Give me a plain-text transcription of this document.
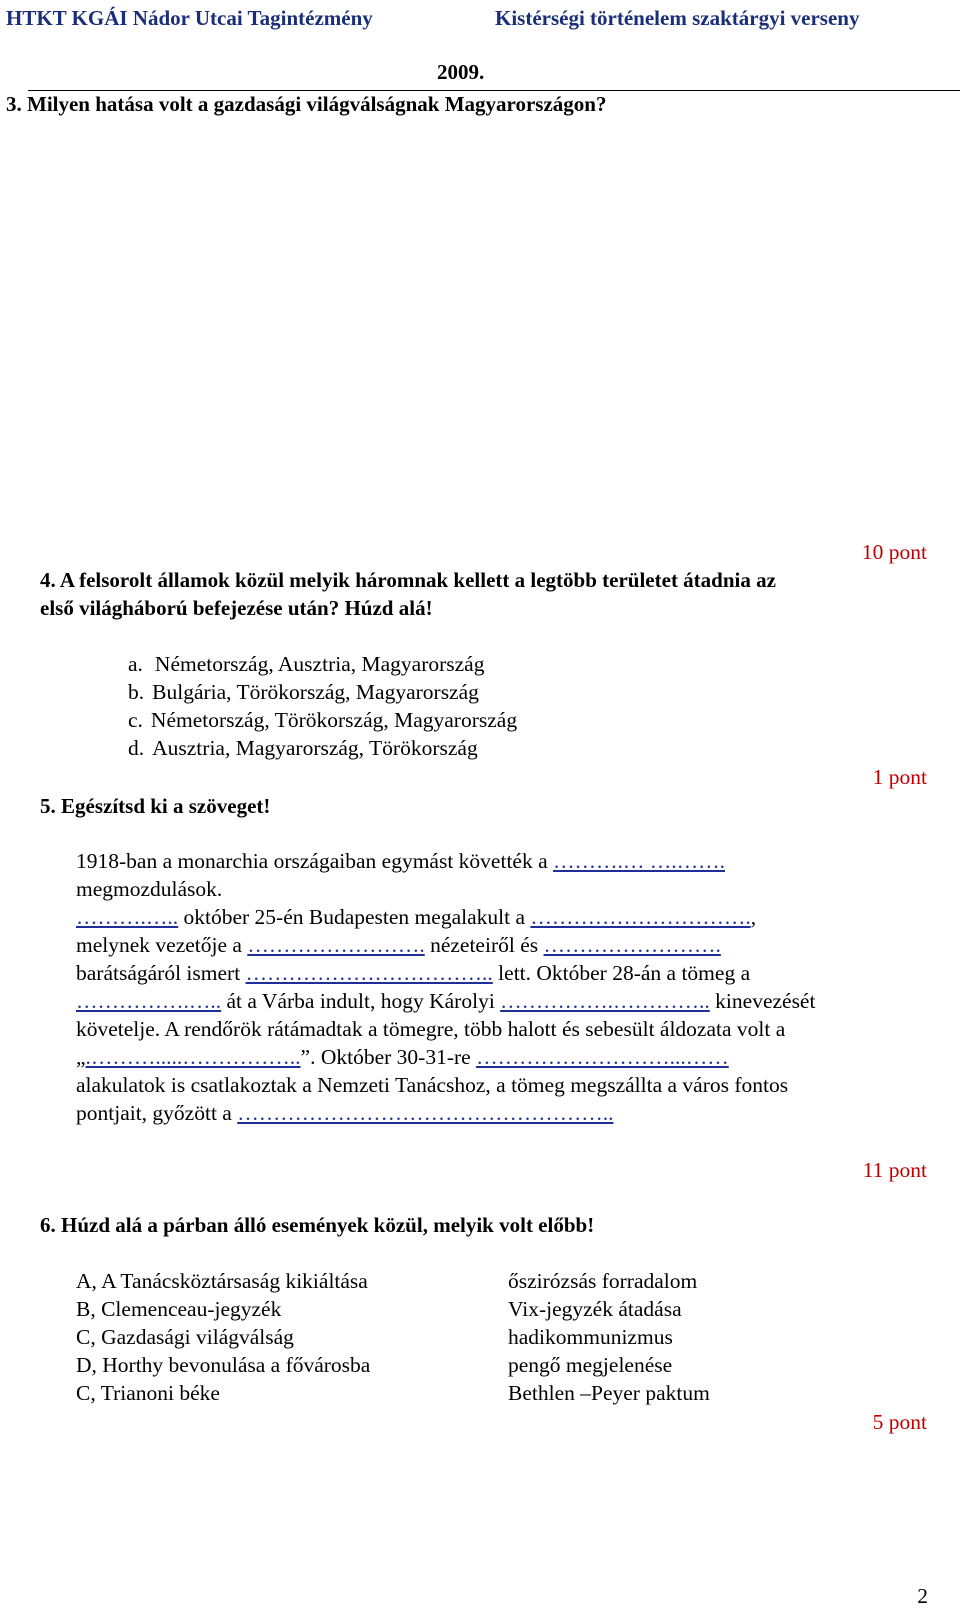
HTKT KGÁI Nádor Utcai Tagintézmény	Kistérségi történelem szaktárgyi verseny
2009.
3. Milyen hatása volt a gazdasági világválságnak Magyarországon?
10 pont
4. A felsorolt államok közül melyik háromnak kellett a legtöbb területet átadnia az
első világháború befejezése után? Húzd alá!
a. Németország, Ausztria, Magyarország
b. Bulgária, Törökország, Magyarország
c. Németország, Törökország, Magyarország
d. Ausztria, Magyarország, Törökország
1 pont
5. Egészítsd ki a szöveget!
1918-ban a monarchia országaiban egymást követték a ……….… ….…….
megmozdulások.
……….….. október 25-én Budapesten megalakult a ………………………….,
melynek vezetője a ……………………. nézeteiről és …………………….
barátságáról ismert …………………………….. lett. Október 28-án a tömeg a
…………….….. át a Várba indult, hogy Károlyi …………….………….. kinevezését
követelje. A rendőrök rátámadtak a tömegre, több halott és sebesült áldozata volt a
„.……….....……………..”. Október 30-31-re ………………………...……
alakulatok is csatlakoztak a Nemzeti Tanácshoz, a tömeg megszállta a város fontos
pontjait, győzött a ……………………………………………..
11 pont
6. Húzd alá a párban álló események közül, melyik volt előbb!
A, A Tanácsköztársaság kikiáltása	őszirózsás forradalom
B, Clemenceau-jegyzék	Vix-jegyzék átadása
C, Gazdasági világválság	hadikommunizmus
D, Horthy bevonulása a fővárosba	pengő megjelenése
C, Trianoni béke	Bethlen –Peyer paktum
5 pont
2
